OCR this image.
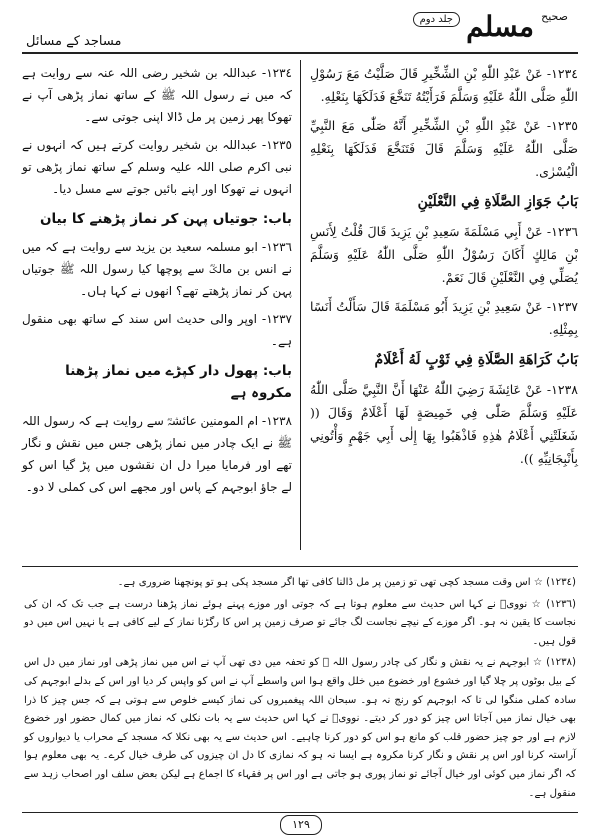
مساجد کے مسائل
جلد دوم مسلم صحیح

١٢٣٤- عَنْ عَبْدِ اللّٰهِ بْنِ الشِّخِّيرِ قَالَ صَلَّيْتُ مَعَ رَسُوْلِ اللّٰهِ صَلَّى اللّٰهُ عَلَيْهِ وَسَلَّمَ فَرَأَيْتُهُ تَنَخَّعَ فَدَلَكَهَا بِنَعْلِهِ.

١٢٣٥- عَنْ عَبْدِ اللّٰهِ بْنِ الشِّخِّيرِ أَنَّهُ صَلّٰى مَعَ النَّبِيِّ صَلَّى اللّٰهُ عَلَيْهِ وَسَلَّمَ قَالَ فَتَنَخَّعَ فَدَلَكَهَا بِنَعْلِهِ الْيُسْرٰى.

بَابُ جَوَازِ الصَّلَاةِ فِي النَّعْلَيْنِ

١٢٣٦- عَنْ أَبِي مَسْلَمَةَ سَعِيدِ بْنِ يَزِيدَ قَالَ قُلْتُ لِأَنَسِ بْنِ مَالِكٍ أَكَانَ رَسُوْلُ اللّٰهِ صَلَّى اللّٰهُ عَلَيْهِ وَسَلَّمَ يُصَلِّي فِي النَّعْلَيْنِ قَالَ نَعَمْ.

١٢٣٧- عَنْ سَعِيدِ بْنِ يَزِيدَ أَبُو مَسْلَمَةَ قَالَ سَأَلْتُ أَنَسًا بِمِثْلِهِ.

بَابُ كَرَاهَةِ الصَّلَاةِ فِي ثَوْبٍ لَهُ أَعْلَامٌ

١٢٣٨- عَنْ عَائِشَةَ رَضِيَ اللّٰهُ عَنْهَا أَنَّ النَّبِيَّ صَلَّى اللّٰهُ عَلَيْهِ وَسَلَّمَ صَلّٰى فِي خَمِيصَةٍ لَهَا أَعْلَامٌ وَقَالَ (( شَغَلَتْنِي أَعْلَامُ هٰذِهِ فَاذْهَبُوا بِهَا إِلٰى أَبِي جَهْمٍ وَأْتُونِي بِأَنْبِجَانِيِّهِ )).

١٢٣٤- عبداللہ بن شخیر رضی اللہ عنہ سے روایت ہے کہ میں نے رسول اللہ ﷺ کے ساتھ نماز پڑھی آپ نے تھوکا پھر زمین پر مل ڈالا اپنی جوتی سے۔

١٢٣٥- عبداللہ بن شخیر روایت کرتے ہیں کہ انہوں نے نبی اکرم صلی اللہ علیہ وسلم کے ساتھ نماز پڑھی تو انہوں نے تھوکا اور اپنے بائیں جوتے سے مسل دیا۔

باب: جوتیاں پہن کر نماز پڑھنے کا بیان

١٢٣٦- ابو مسلمہ سعید بن یزید سے روایت ہے کہ میں نے انس بن مالکؓ سے پوچھا کیا رسول اللہ ﷺ جوتیاں پہن کر نماز پڑھتے تھے؟ انھوں نے کہا ہاں۔

١٢٣٧- اوپر والی حدیث اس سند کے ساتھ بھی منقول ہے۔

باب: پھول دار کپڑے میں نماز پڑھنا مکروہ ہے

١٢٣٨- ام المومنین عائشہؓ سے روایت ہے کہ رسول اللہ ﷺ نے ایک چادر میں نماز پڑھی جس میں نقش و نگار تھے اور فرمایا میرا دل ان نقشوں میں پڑ گیا اس کو لے جاؤ ابوجہم کے پاس اور مجھے اس کی کملی لا دو۔

(١٢٣٤) ☆ اس وقت مسجد کچی تھی تو زمین پر مل ڈالنا کافی تھا اگر مسجد پکی ہو تو پونچھنا ضروری ہے۔

(١٢٣٦) ☆ نوویؒ نے کہا اس حدیث سے معلوم ہوتا ہے کہ جوتی اور موزے پہنے ہوئے نماز پڑھنا درست ہے جب تک کہ ان کی نجاست کا یقین نہ ہو۔ اگر موزے کے نیچے نجاست لگ جائے تو صرف زمین پر اس کا رگڑنا نماز کے لیے کافی ہے یا نہیں اس میں دو قول ہیں۔

(١٢٣٨) ☆ ابوجہم نے یہ نقش و نگار کی چادر رسول اللہ ﷺ کو تحفہ میں دی تھی آپ نے اس میں نماز پڑھی اور نماز میں دل اس کے بیل بوٹوں پر چلا گیا اور خشوع اور خضوع میں خلل واقع ہوا اس واسطے آپ نے اس کو واپس کر دیا اور اس کے بدلے ابوجہم کی سادہ کملی منگوا لی تا کہ ابوجہم کو رنج نہ ہو۔ سبحان اللہ پیغمبروں کی نماز کیسے خلوص سے ہوتی ہے کہ جس چیز کا ذرا بھی خیال نماز میں آجاتا اس چیز کو دور کر دیتے۔ نوویؒ نے کہا اس حدیث سے یہ بات نکلی کہ نماز میں کمال حضور اور خضوع لازم ہے اور جو چیز حضور قلب کو مانع ہو اس کو دور کرنا چاہیے۔ اس حدیث سے یہ بھی نکلا کہ مسجد کے محراب یا دیواروں کو آراستہ کرنا اور اس پر نقش و نگار کرنا مکروہ ہے ایسا نہ ہو کہ نمازی کا دل ان چیزوں کی طرف خیال کرے۔ یہ بھی معلوم ہوا کہ اگر نماز میں کوئی اور خیال آجائے تو نماز پوری ہو جاتی ہے اور اس پر فقہاء کا اجماع ہے لیکن بعض سلف اور اصحاب زہد سے منقول ہے۔

١٢٩
